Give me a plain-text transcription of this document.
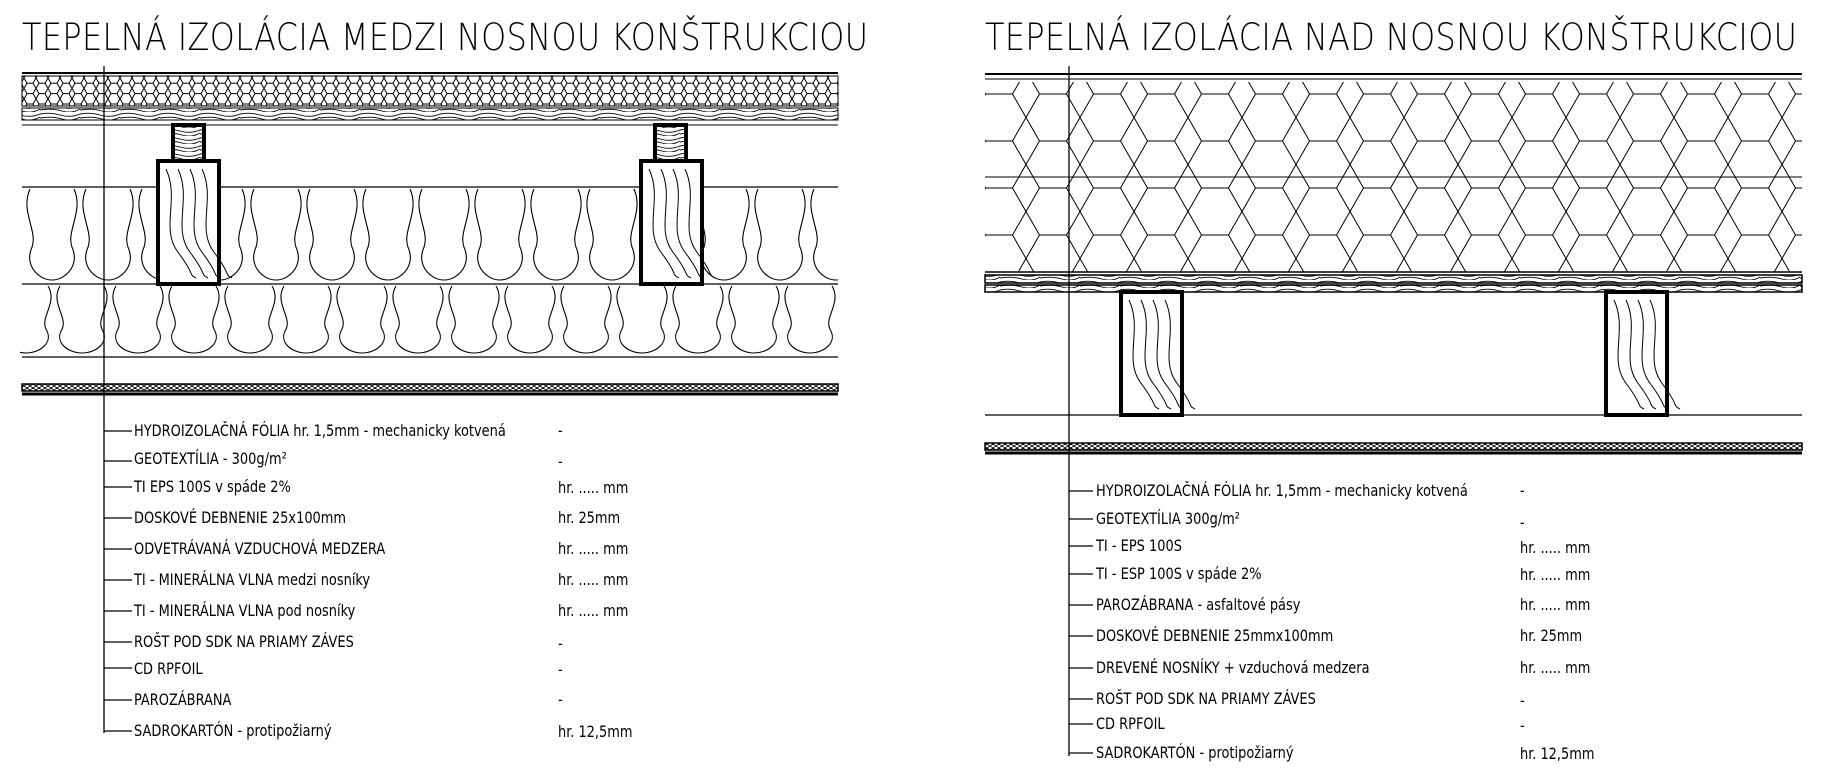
TEPELNÁ IZOLÁCIA MEDZI NOSNOU KONŠTRUKCIOU	TEPELNÁ IZOLÁCIA NAD NOSNOU KONŠTRUKCIOU
HYDROIZOLAČNÁ FÓLIA hr. 1,5mm - mechanicky kotvená	-
GEOTEXTÍLIA - 300g/m²	-
TI EPS 100S v spáde 2%	hr. ..... mm
DOSKOVÉ DEBNENIE 25x100mm	hr. 25mm
ODVETRÁVANÁ VZDUCHOVÁ MEDZERA	hr. ..... mm
TI - MINERÁLNA VLNA medzi nosníky	hr. ..... mm
TI - MINERÁLNA VLNA pod nosníky	hr. ..... mm
ROŠT POD SDK NA PRIAMY ZÁVES	-
CD RPFOIL	-
PAROZÁBRANA	-
SADROKARTÓN - protipožiarný	hr. 12,5mm
HYDROIZOLAČNÁ FÓLIA hr. 1,5mm - mechanicky kotvená	-
GEOTEXTÍLIA 300g/m²	-
TI - EPS 100S	hr. ..... mm
TI - ESP 100S v spáde 2%	hr. ..... mm
PAROZÁBRANA - asfaltové pásy	hr. ..... mm
DOSKOVÉ DEBNENIE 25mmx100mm	hr. 25mm
DREVENÉ NOSNÍKY + vzduchová medzera	hr. ..... mm
ROŠT POD SDK NA PRIAMY ZÁVES	-
CD RPFOIL	-
SADROKARTÓN - protipožiarný	hr. 12,5mm
